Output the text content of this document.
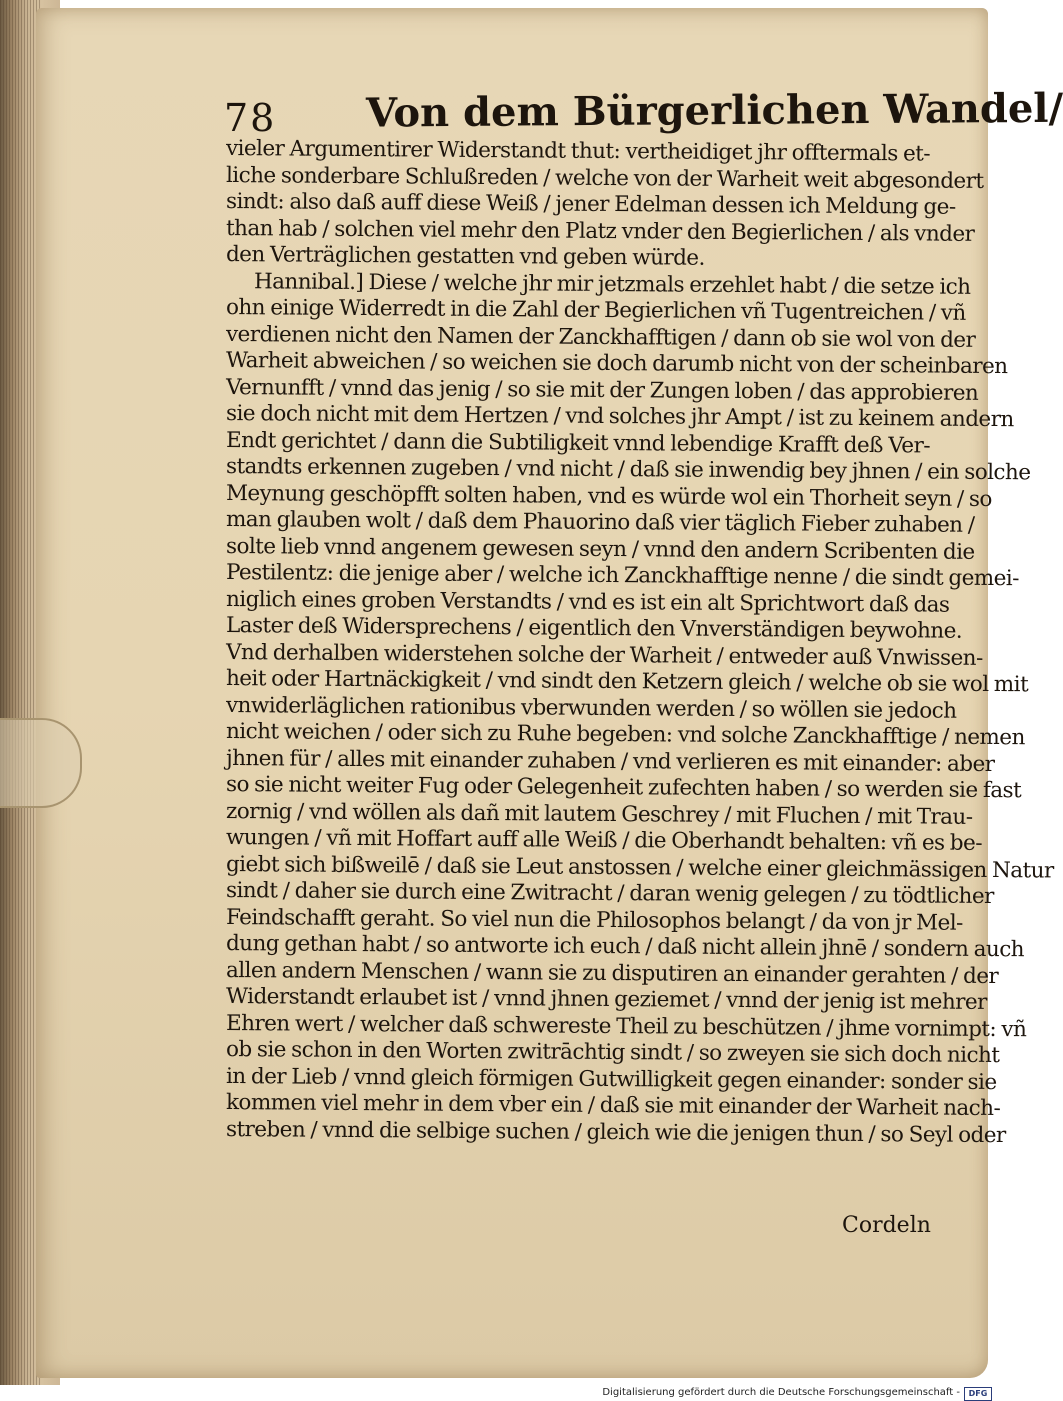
78 Von dem Bürgerlichen Wandel/
vieler Argumentirer Widerstandt thut: vertheidiget jhr offtermals et-
liche sonderbare Schlußreden / welche von der Warheit weit abgesondert
sindt: also daß auff diese Weiß / jener Edelman dessen ich Meldung ge-
than hab / solchen viel mehr den Platz vnder den Begierlichen / als vnder
den Verträglichen gestatten vnd geben würde.
Hannibal.] Diese / welche jhr mir jetzmals erzehlet habt / die setze ich
ohn einige Widerredt in die Zahl der Begierlichen vñ Tugentreichen / vñ
verdienen nicht den Namen der Zanckhafftigen / dann ob sie wol von der
Warheit abweichen / so weichen sie doch darumb nicht von der scheinbaren
Vernunfft / vnnd das jenig / so sie mit der Zungen loben / das approbieren
sie doch nicht mit dem Hertzen / vnd solches jhr Ampt / ist zu keinem andern
Endt gerichtet / dann die Subtiligkeit vnnd lebendige Krafft deß Ver-
standts erkennen zugeben / vnd nicht / daß sie inwendig bey jhnen / ein solche
Meynung geschöpfft solten haben, vnd es würde wol ein Thorheit seyn / so
man glauben wolt / daß dem Phauorino daß vier täglich Fieber zuhaben /
solte lieb vnnd angenem gewesen seyn / vnnd den andern Scribenten die
Pestilentz: die jenige aber / welche ich Zanckhafftige nenne / die sindt gemei-
niglich eines groben Verstandts / vnd es ist ein alt Sprichtwort daß das
Laster deß Widersprechens / eigentlich den Vnverständigen beywohne.
Vnd derhalben widerstehen solche der Warheit / entweder auß Vnwissen-
heit oder Hartnäckigkeit / vnd sindt den Ketzern gleich / welche ob sie wol mit
vnwiderläglichen rationibus vberwunden werden / so wöllen sie jedoch
nicht weichen / oder sich zu Ruhe begeben: vnd solche Zanckhafftige / nemen
jhnen für / alles mit einander zuhaben / vnd verlieren es mit einander: aber
so sie nicht weiter Fug oder Gelegenheit zufechten haben / so werden sie fast
zornig / vnd wöllen als dañ mit lautem Geschrey / mit Fluchen / mit Trau-
wungen / vñ mit Hoffart auff alle Weiß / die Oberhandt behalten: vñ es be-
giebt sich bißweilē / daß sie Leut anstossen / welche einer gleichmässigen Natur
sindt / daher sie durch eine Zwitracht / daran wenig gelegen / zu tödtlicher
Feindschafft geraht. So viel nun die Philosophos belangt / da von jr Mel-
dung gethan habt / so antworte ich euch / daß nicht allein jhnē / sondern auch
allen andern Menschen / wann sie zu disputiren an einander gerahten / der
Widerstandt erlaubet ist / vnnd jhnen geziemet / vnnd der jenig ist mehrer
Ehren wert / welcher daß schwereste Theil zu beschützen / jhme vornimpt: vñ
ob sie schon in den Worten zwitrāchtig sindt / so zweyen sie sich doch nicht
in der Lieb / vnnd gleich förmigen Gutwilligkeit gegen einander: sonder sie
kommen viel mehr in dem vber ein / daß sie mit einander der Warheit nach-
streben / vnnd die selbige suchen / gleich wie die jenigen thun / so Seyl oder
Cordeln
Digitalisierung gefördert durch die Deutsche Forschungsgemeinschaft -	DFG
